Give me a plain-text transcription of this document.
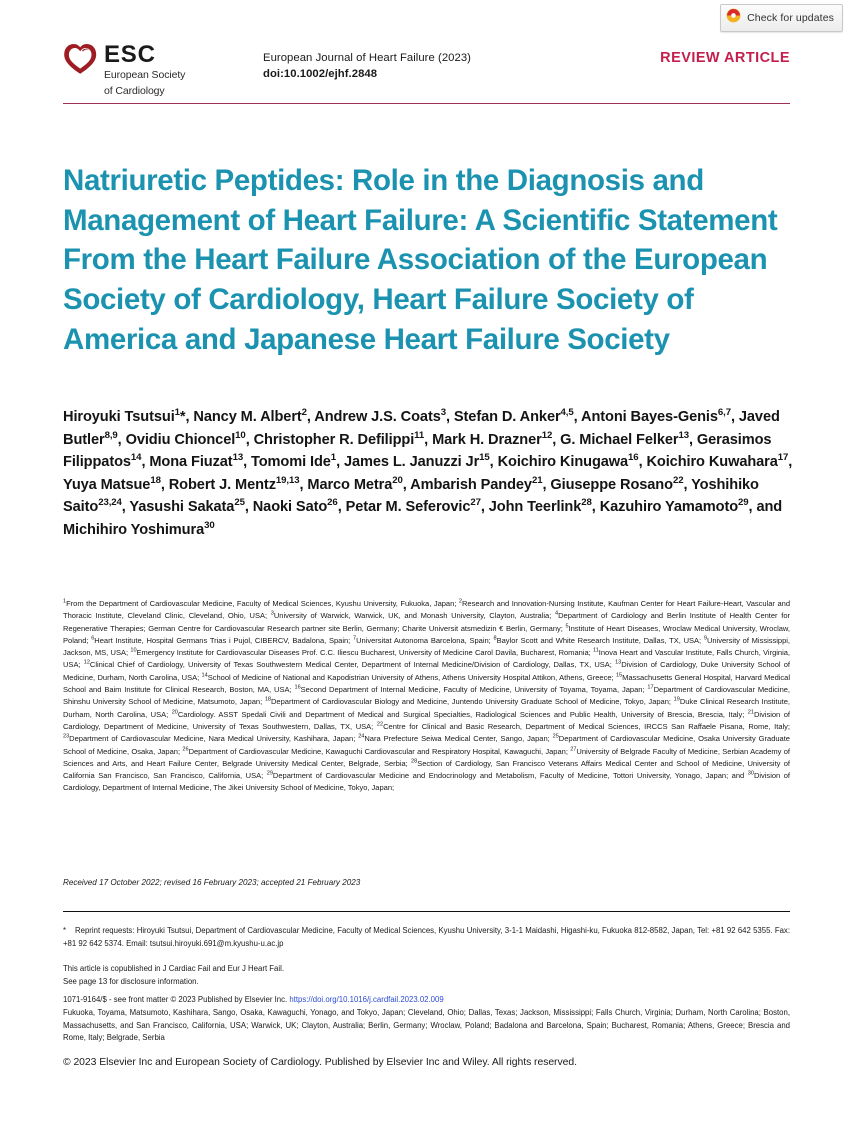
Check for updates
ESC
European Society
of Cardiology
European Journal of Heart Failure (2023)
doi:10.1002/ejhf.2848
REVIEW ARTICLE
Natriuretic Peptides: Role in the Diagnosis and Management of Heart Failure: A Scientific Statement From the Heart Failure Association of the European Society of Cardiology, Heart Failure Society of America and Japanese Heart Failure Society
Hiroyuki Tsutsui$^1$*, Nancy M. Albert$^2$, Andrew J.S. Coats$^3$, Stefan D. Anker$^{4,5}$, Antoni Bayes-Genis$^{6,7}$, Javed Butler$^{8,9}$, Ovidiu Chioncel$^{10}$, Christopher R. Defilippi$^{11}$, Mark H. Drazner$^{12}$, G. Michael Felker$^{13}$, Gerasimos Filippatos$^{14}$, Mona Fiuzat$^{13}$, Tomomi Ide$^1$, James L. Januzzi Jr$^{15}$, Koichiro Kinugawa$^{16}$, Koichiro Kuwahara$^{17}$, Yuya Matsue$^{18}$, Robert J. Mentz$^{19,13}$, Marco Metra$^{20}$, Ambarish Pandey$^{21}$, Giuseppe Rosano$^{22}$, Yoshihiko Saito$^{23,24}$, Yasushi Sakata$^{25}$, Naoki Sato$^{26}$, Petar M. Seferovic$^{27}$, John Teerlink$^{28}$, Kazuhiro Yamamoto$^{29}$, and Michihiro Yoshimura$^{30}$
$^1$From the Department of Cardiovascular Medicine, Faculty of Medical Sciences, Kyushu University, Fukuoka, Japan; $^2$Research and Innovation-Nursing Institute, Kaufman Center for Heart Failure-Heart, Vascular and Thoracic Institute, Cleveland Clinic, Cleveland, Ohio, USA; $^3$University of Warwick, Warwick, UK, and Monash University, Clayton, Australia; $^4$Department of Cardiology and Berlin Institute of Health Center for Regenerative Therapies; German Centre for Cardiovascular Research partner site Berlin, Germany; Charite Universit atsmedizin € Berlin, Germany; $^5$Institute of Heart Diseases, Wroclaw Medical University, Wroclaw, Poland; $^6$Heart Institute, Hospital Germans Trias i Pujol, CIBERCV, Badalona, Spain; $^7$Universitat Autonoma Barcelona, Spain; $^8$Baylor Scott and White Research Institute, Dallas, TX, USA; $^9$University of Mississippi, Jackson, MS, USA; $^{10}$Emergency Institute for Cardiovascular Diseases Prof. C.C. Iliescu Bucharest, University of Medicine Carol Davila, Bucharest, Romania; $^{11}$Inova Heart and Vascular Institute, Falls Church, Virginia, USA; $^{12}$Clinical Chief of Cardiology, University of Texas Southwestern Medical Center, Department of Internal Medicine/Division of Cardiology, Dallas, TX, USA; $^{13}$Division of Cardiology, Duke University School of Medicine, Durham, North Carolina, USA; $^{14}$School of Medicine of National and Kapodistrian University of Athens, Athens University Hospital Attikon, Athens, Greece; $^{15}$Massachusetts General Hospital, Harvard Medical School and Baim Institute for Clinical Research, Boston, MA, USA; $^{16}$Second Department of Internal Medicine, Faculty of Medicine, University of Toyama, Toyama, Japan; $^{17}$Department of Cardiovascular Medicine, Shinshu University School of Medicine, Matsumoto, Japan; $^{18}$Department of Cardiovascular Biology and Medicine, Juntendo University Graduate School of Medicine, Tokyo, Japan; $^{19}$Duke Clinical Research Institute, Durham, North Carolina, USA; $^{20}$Cardiology. ASST Spedali Civili and Department of Medical and Surgical Specialties, Radiological Sciences and Public Health, University of Brescia, Brescia, Italy; $^{21}$Division of Cardiology, Department of Medicine, University of Texas Southwestern, Dallas, TX, USA; $^{22}$Centre for Clinical and Basic Research, Department of Medical Sciences, IRCCS San Raffaele Pisana, Rome, Italy; $^{23}$Department of Cardiovascular Medicine, Nara Medical University, Kashihara, Japan; $^{24}$Nara Prefecture Seiwa Medical Center, Sango, Japan; $^{25}$Department of Cardiovascular Medicine, Osaka University Graduate School of Medicine, Osaka, Japan; $^{26}$Department of Cardiovascular Medicine, Kawaguchi Cardiovascular and Respiratory Hospital, Kawaguchi, Japan; $^{27}$University of Belgrade Faculty of Medicine, Serbian Academy of Sciences and Arts, and Heart Failure Center, Belgrade University Medical Center, Belgrade, Serbia; $^{28}$Section of Cardiology, San Francisco Veterans Affairs Medical Center and School of Medicine, University of California San Francisco, San Francisco, California, USA; $^{29}$Department of Cardiovascular Medicine and Endocrinology and Metabolism, Faculty of Medicine, Tottori University, Yonago, Japan; and $^{30}$Division of Cardiology, Department of Internal Medicine, The Jikei University School of Medicine, Tokyo, Japan;
Received 17 October 2022; revised 16 February 2023; accepted 21 February 2023
* Reprint requests: Hiroyuki Tsutsui, Department of Cardiovascular Medicine, Faculty of Medical Sciences, Kyushu University, 3-1-1 Maidashi, Higashi-ku, Fukuoka 812-8582, Japan, Tel: +81 92 642 5355. Fax: +81 92 642 5374. Email: tsutsui.hiroyuki.691@m.kyushu-u.ac.jp
This article is copublished in J Cardiac Fail and Eur J Heart Fail.
See page 13 for disclosure information.
1071-9164/$ - see front matter © 2023 Published by Elsevier Inc. https://doi.org/10.1016/j.cardfail.2023.02.009
Fukuoka, Toyama, Matsumoto, Kashihara, Sango, Osaka, Kawaguchi, Yonago, and Tokyo, Japan; Cleveland, Ohio; Dallas, Texas; Jackson, Mississippi; Falls Church, Virginia; Durham, North Carolina; Boston, Massachusetts, and San Francisco, California, USA; Warwick, UK; Clayton, Australia; Berlin, Germany; Wroclaw, Poland; Badalona and Barcelona, Spain; Bucharest, Romania; Athens, Greece; Brescia and Rome, Italy; Belgrade, Serbia
© 2023 Elsevier Inc and European Society of Cardiology. Published by Elsevier Inc and Wiley. All rights reserved.
